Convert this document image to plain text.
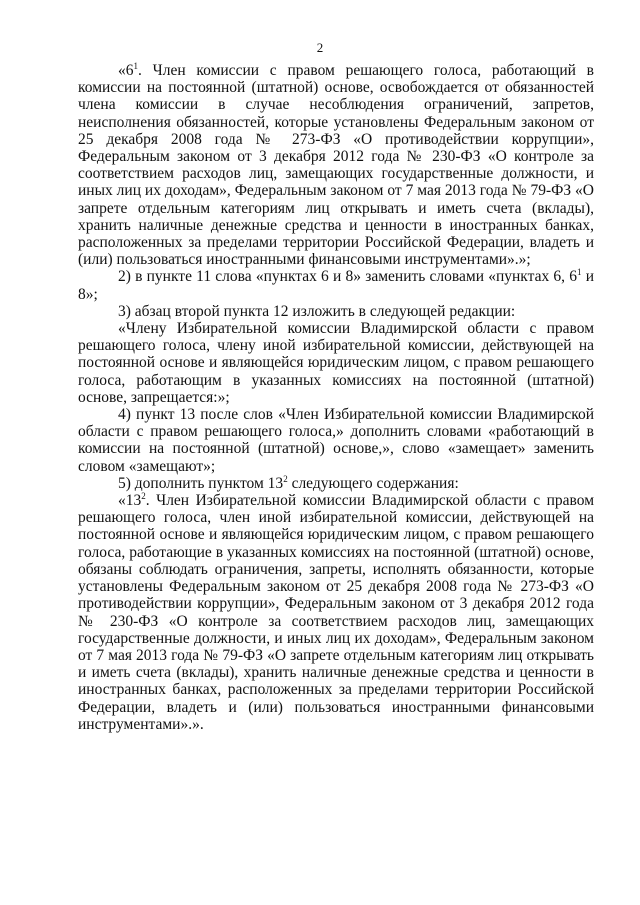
2

«$6^1$. Член комиссии с правом решающего голоса, работающий в комиссии на постоянной (штатной) основе, освобождается от обязанностей члена комиссии в случае несоблюдения ограничений, запретов, неисполнения обязанностей, которые установлены Федеральным законом от 25 декабря 2008 года № 273-ФЗ «О противодействии коррупции», Федеральным законом от 3 декабря 2012 года № 230-ФЗ «О контроле за соответствием расходов лиц, замещающих государственные должности, и иных лиц их доходам», Федеральным законом от 7 мая 2013 года № 79-ФЗ «О запрете отдельным категориям лиц открывать и иметь счета (вклады), хранить наличные денежные средства и ценности в иностранных банках, расположенных за пределами территории Российской Федерации, владеть и (или) пользоваться иностранными финансовыми инструментами».»;

2) в пункте 11 слова «пунктах 6 и 8» заменить словами «пунктах 6, $6^1$ и 8»;

3) абзац второй пункта 12 изложить в следующей редакции:

«Члену Избирательной комиссии Владимирской области с правом решающего голоса, члену иной избирательной комиссии, действующей на постоянной основе и являющейся юридическим лицом, с правом решающего голоса, работающим в указанных комиссиях на постоянной (штатной) основе, запрещается:»;

4) пункт 13 после слов «Член Избирательной комиссии Владимирской области с правом решающего голоса,» дополнить словами «работающий в комиссии на постоянной (штатной) основе,», слово «замещает» заменить словом «замещают»;

5) дополнить пунктом $13^2$ следующего содержания:

«$13^2$. Член Избирательной комиссии Владимирской области с правом решающего голоса, член иной избирательной комиссии, действующей на постоянной основе и являющейся юридическим лицом, с правом решающего голоса, работающие в указанных комиссиях на постоянной (штатной) основе, обязаны соблюдать ограничения, запреты, исполнять обязанности, которые установлены Федеральным законом от 25 декабря 2008 года № 273-ФЗ «О противодействии коррупции», Федеральным законом от 3 декабря 2012 года № 230-ФЗ «О контроле за соответствием расходов лиц, замещающих государственные должности, и иных лиц их доходам», Федеральным законом от 7 мая 2013 года № 79-ФЗ «О запрете отдельным категориям лиц открывать и иметь счета (вклады), хранить наличные денежные средства и ценности в иностранных банках, расположенных за пределами территории Российской Федерации, владеть и (или) пользоваться иностранными финансовыми инструментами».».
